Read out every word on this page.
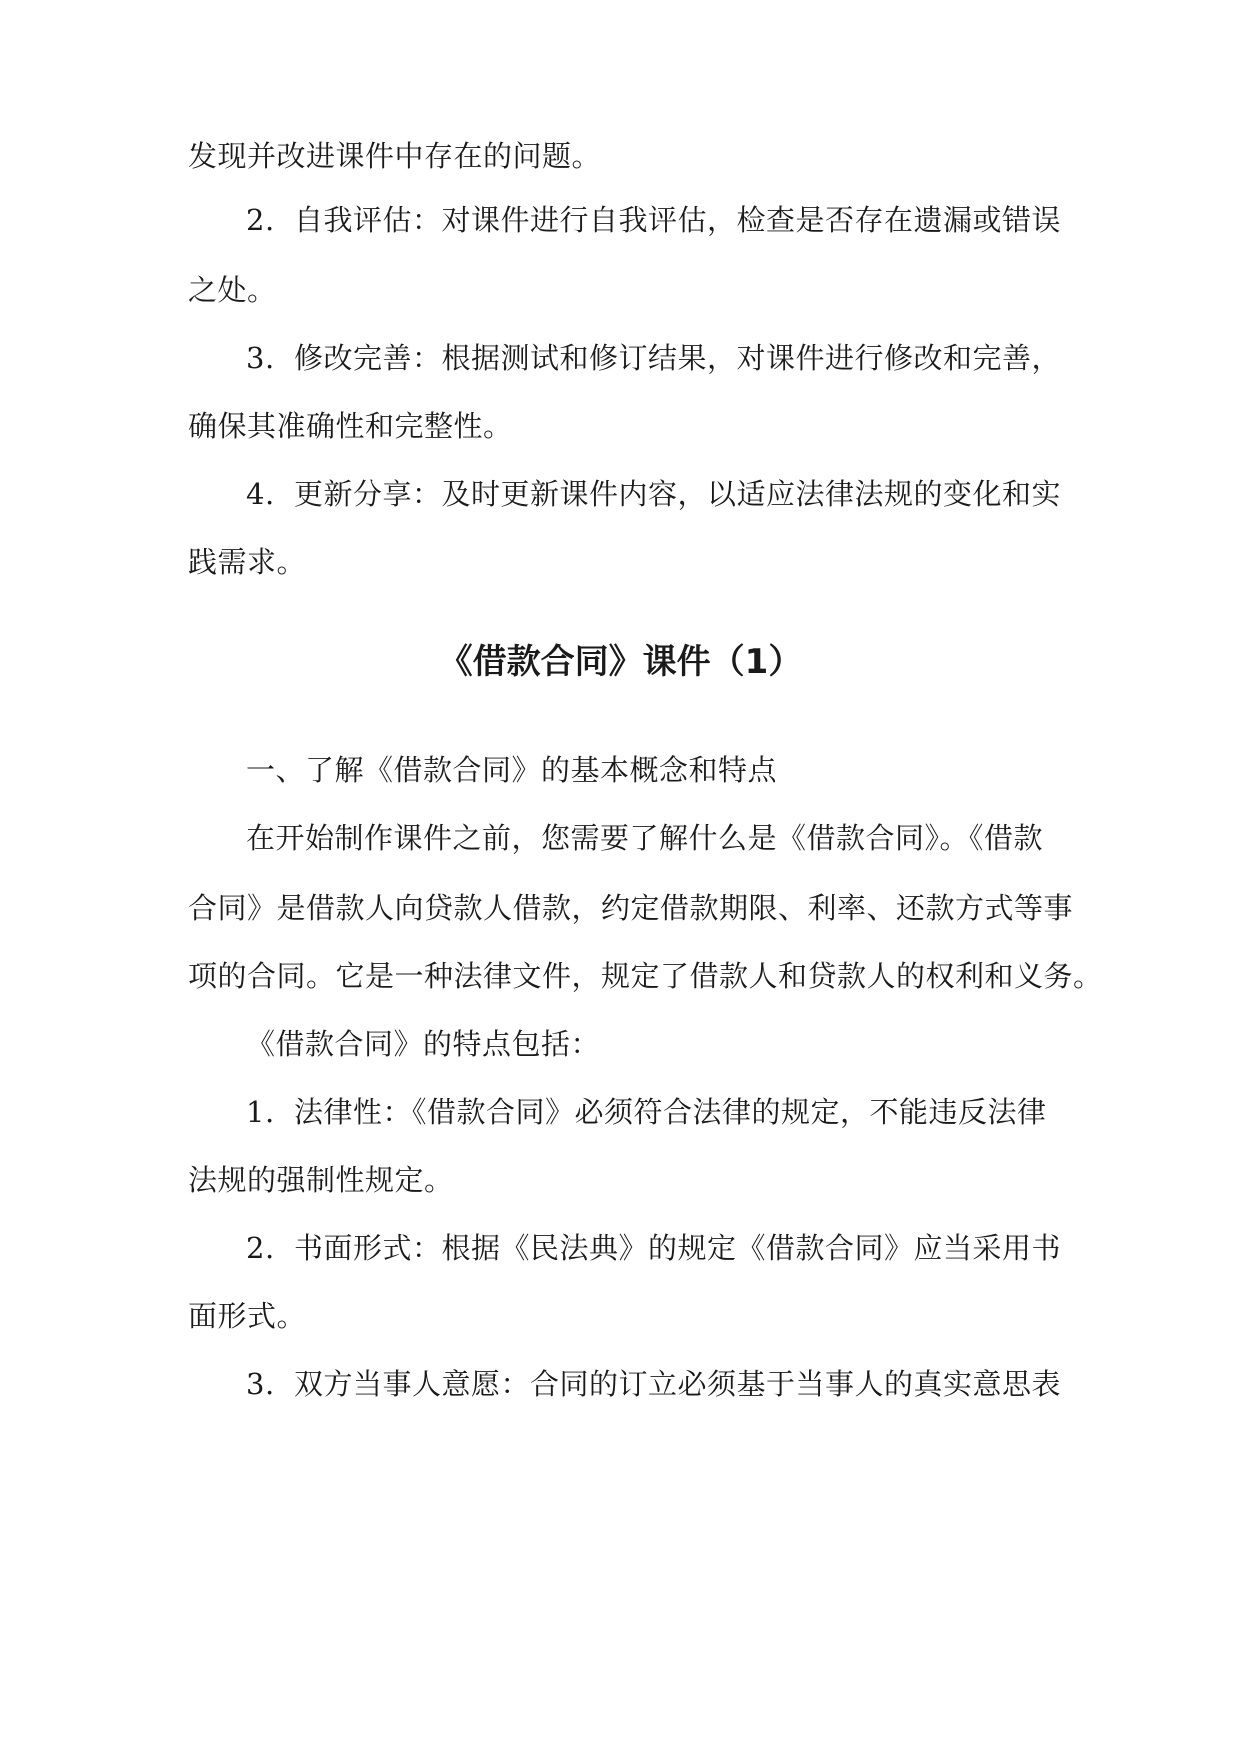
发现并改进课件中存在的问题。
2. 自我评估：对课件进行自我评估，检查是否存在遗漏或错误
之处。
3. 修改完善：根据测试和修订结果，对课件进行修改和完善，
确保其准确性和完整性。
4. 更新分享：及时更新课件内容，以适应法律法规的变化和实
践需求。
《借款合同》课件（1）
一、了解《借款合同》的基本概念和特点
在开始制作课件之前，您需要了解什么是《借款合同》。《借款
合同》是借款人向贷款人借款，约定借款期限、利率、还款方式等事
项的合同。它是一种法律文件，规定了借款人和贷款人的权利和义务。
《借款合同》的特点包括：
1. 法律性：《借款合同》必须符合法律的规定，不能违反法律
法规的强制性规定。
2. 书面形式：根据《民法典》的规定《借款合同》应当采用书
面形式。
3. 双方当事人意愿：合同的订立必须基于当事人的真实意思表
